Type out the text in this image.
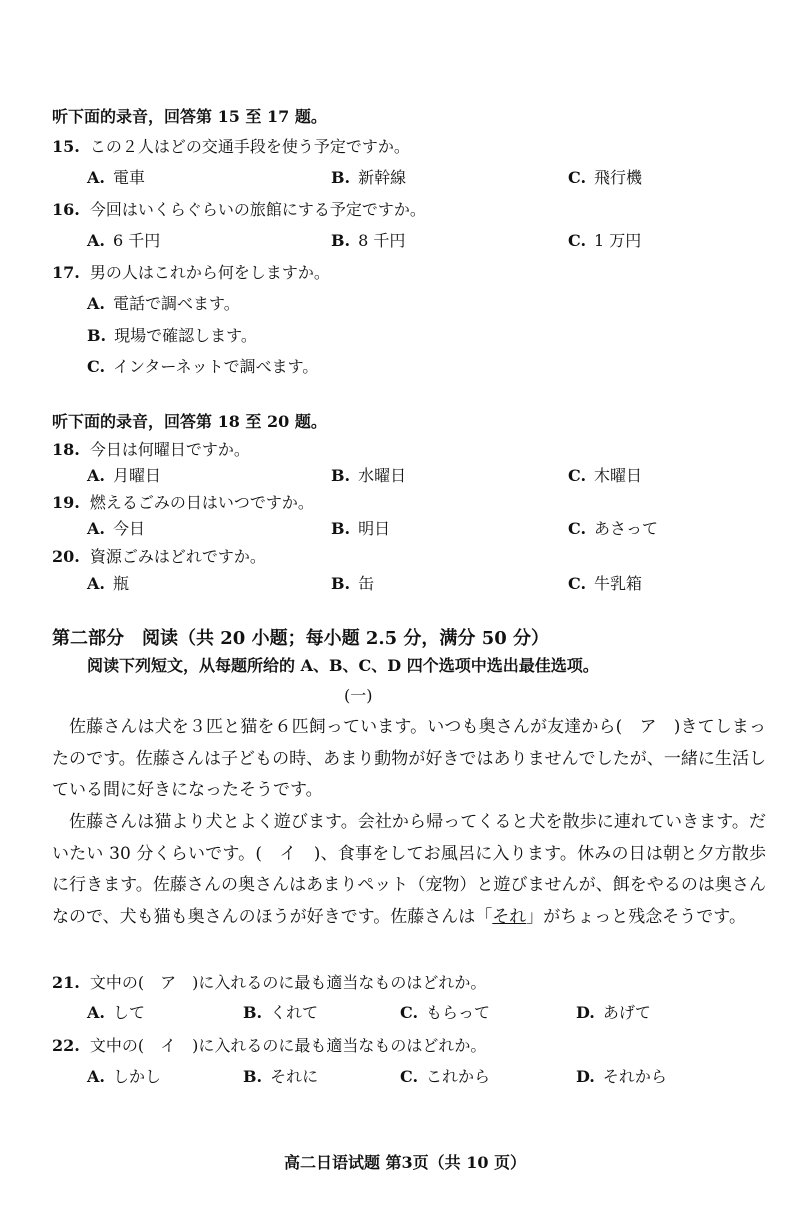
听下面的录音，回答第 15 至 17 题。
15. この２人はどの交通手段を使う予定ですか。
A. 電車	B. 新幹線	C. 飛行機
16. 今回はいくらぐらいの旅館にする予定ですか。
A. 6 千円	B. 8 千円	C. 1 万円
17. 男の人はこれから何をしますか。
A. 電話で調べます。
B. 現場で確認します。
C. インターネットで調べます。
听下面的录音，回答第 18 至 20 题。
18. 今日は何曜日ですか。
A. 月曜日	B. 水曜日	C. 木曜日
19. 燃えるごみの日はいつですか。
A. 今日	B. 明日	C. あさって
20. 資源ごみはどれですか。
A. 瓶	B. 缶	C. 牛乳箱
第二部分　阅读（共 20 小题；每小题 2.5 分，满分 50 分）
阅读下列短文，从每题所给的 A、B、C、D 四个选项中选出最佳选项。
(一)
佐藤さんは犬を３匹と猫を６匹飼っています。いつも奥さんが友達から(　ア　)きてしまったのです。佐藤さんは子どもの時、あまり動物が好きではありませんでしたが、一緒に生活している間に好きになったそうです。
佐藤さんは猫より犬とよく遊びます。会社から帰ってくると犬を散歩に連れていきます。だいたい 30 分くらいです。(　イ　)、食事をしてお風呂に入ります。休みの日は朝と夕方散歩に行きます。佐藤さんの奥さんはあまりペット（宠物）と遊びませんが、餌をやるのは奥さんなので、犬も猫も奥さんのほうが好きです。佐藤さんは「それ」がちょっと残念そうです。
21. 文中の(　ア　)に入れるのに最も適当なものはどれか。
A. して	B. くれて	C. もらって	D. あげて
22. 文中の(　イ　)に入れるのに最も適当なものはどれか。
A. しかし	B. それに	C. これから	D. それから
高二日语试题 第3页（共 10 页）
